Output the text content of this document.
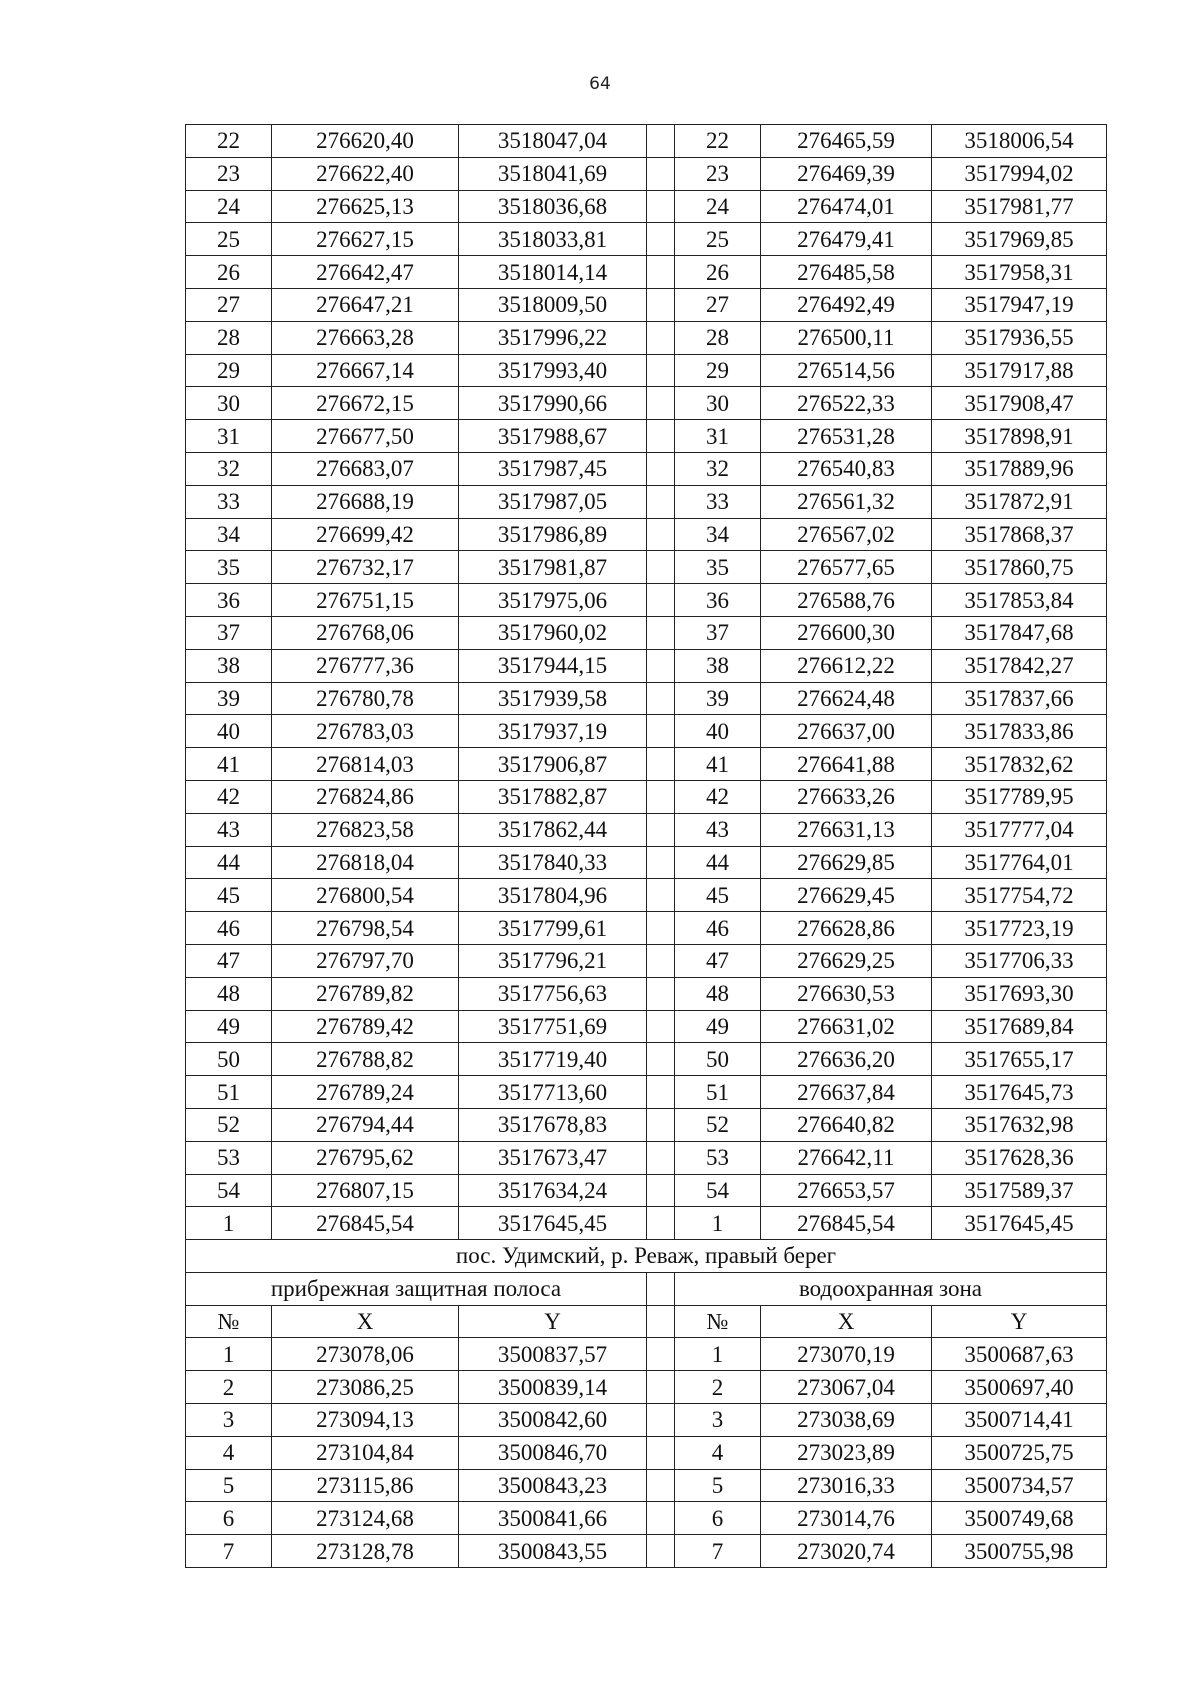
64
22	276620,40	3518047,04		22	276465,59	3518006,54
23	276622,40	3518041,69		23	276469,39	3517994,02
24	276625,13	3518036,68		24	276474,01	3517981,77
25	276627,15	3518033,81		25	276479,41	3517969,85
26	276642,47	3518014,14		26	276485,58	3517958,31
27	276647,21	3518009,50		27	276492,49	3517947,19
28	276663,28	3517996,22		28	276500,11	3517936,55
29	276667,14	3517993,40		29	276514,56	3517917,88
30	276672,15	3517990,66		30	276522,33	3517908,47
31	276677,50	3517988,67		31	276531,28	3517898,91
32	276683,07	3517987,45		32	276540,83	3517889,96
33	276688,19	3517987,05		33	276561,32	3517872,91
34	276699,42	3517986,89		34	276567,02	3517868,37
35	276732,17	3517981,87		35	276577,65	3517860,75
36	276751,15	3517975,06		36	276588,76	3517853,84
37	276768,06	3517960,02		37	276600,30	3517847,68
38	276777,36	3517944,15		38	276612,22	3517842,27
39	276780,78	3517939,58		39	276624,48	3517837,66
40	276783,03	3517937,19		40	276637,00	3517833,86
41	276814,03	3517906,87		41	276641,88	3517832,62
42	276824,86	3517882,87		42	276633,26	3517789,95
43	276823,58	3517862,44		43	276631,13	3517777,04
44	276818,04	3517840,33		44	276629,85	3517764,01
45	276800,54	3517804,96		45	276629,45	3517754,72
46	276798,54	3517799,61		46	276628,86	3517723,19
47	276797,70	3517796,21		47	276629,25	3517706,33
48	276789,82	3517756,63		48	276630,53	3517693,30
49	276789,42	3517751,69		49	276631,02	3517689,84
50	276788,82	3517719,40		50	276636,20	3517655,17
51	276789,24	3517713,60		51	276637,84	3517645,73
52	276794,44	3517678,83		52	276640,82	3517632,98
53	276795,62	3517673,47		53	276642,11	3517628,36
54	276807,15	3517634,24		54	276653,57	3517589,37
1	276845,54	3517645,45		1	276845,54	3517645,45
пос. Удимский, р. Реваж, правый берег						
прибрежная защитная полоса				водоохранная зона		
№	X	Y		№	X	Y
1	273078,06	3500837,57		1	273070,19	3500687,63
2	273086,25	3500839,14		2	273067,04	3500697,40
3	273094,13	3500842,60		3	273038,69	3500714,41
4	273104,84	3500846,70		4	273023,89	3500725,75
5	273115,86	3500843,23		5	273016,33	3500734,57
6	273124,68	3500841,66		6	273014,76	3500749,68
7	273128,78	3500843,55		7	273020,74	3500755,98
